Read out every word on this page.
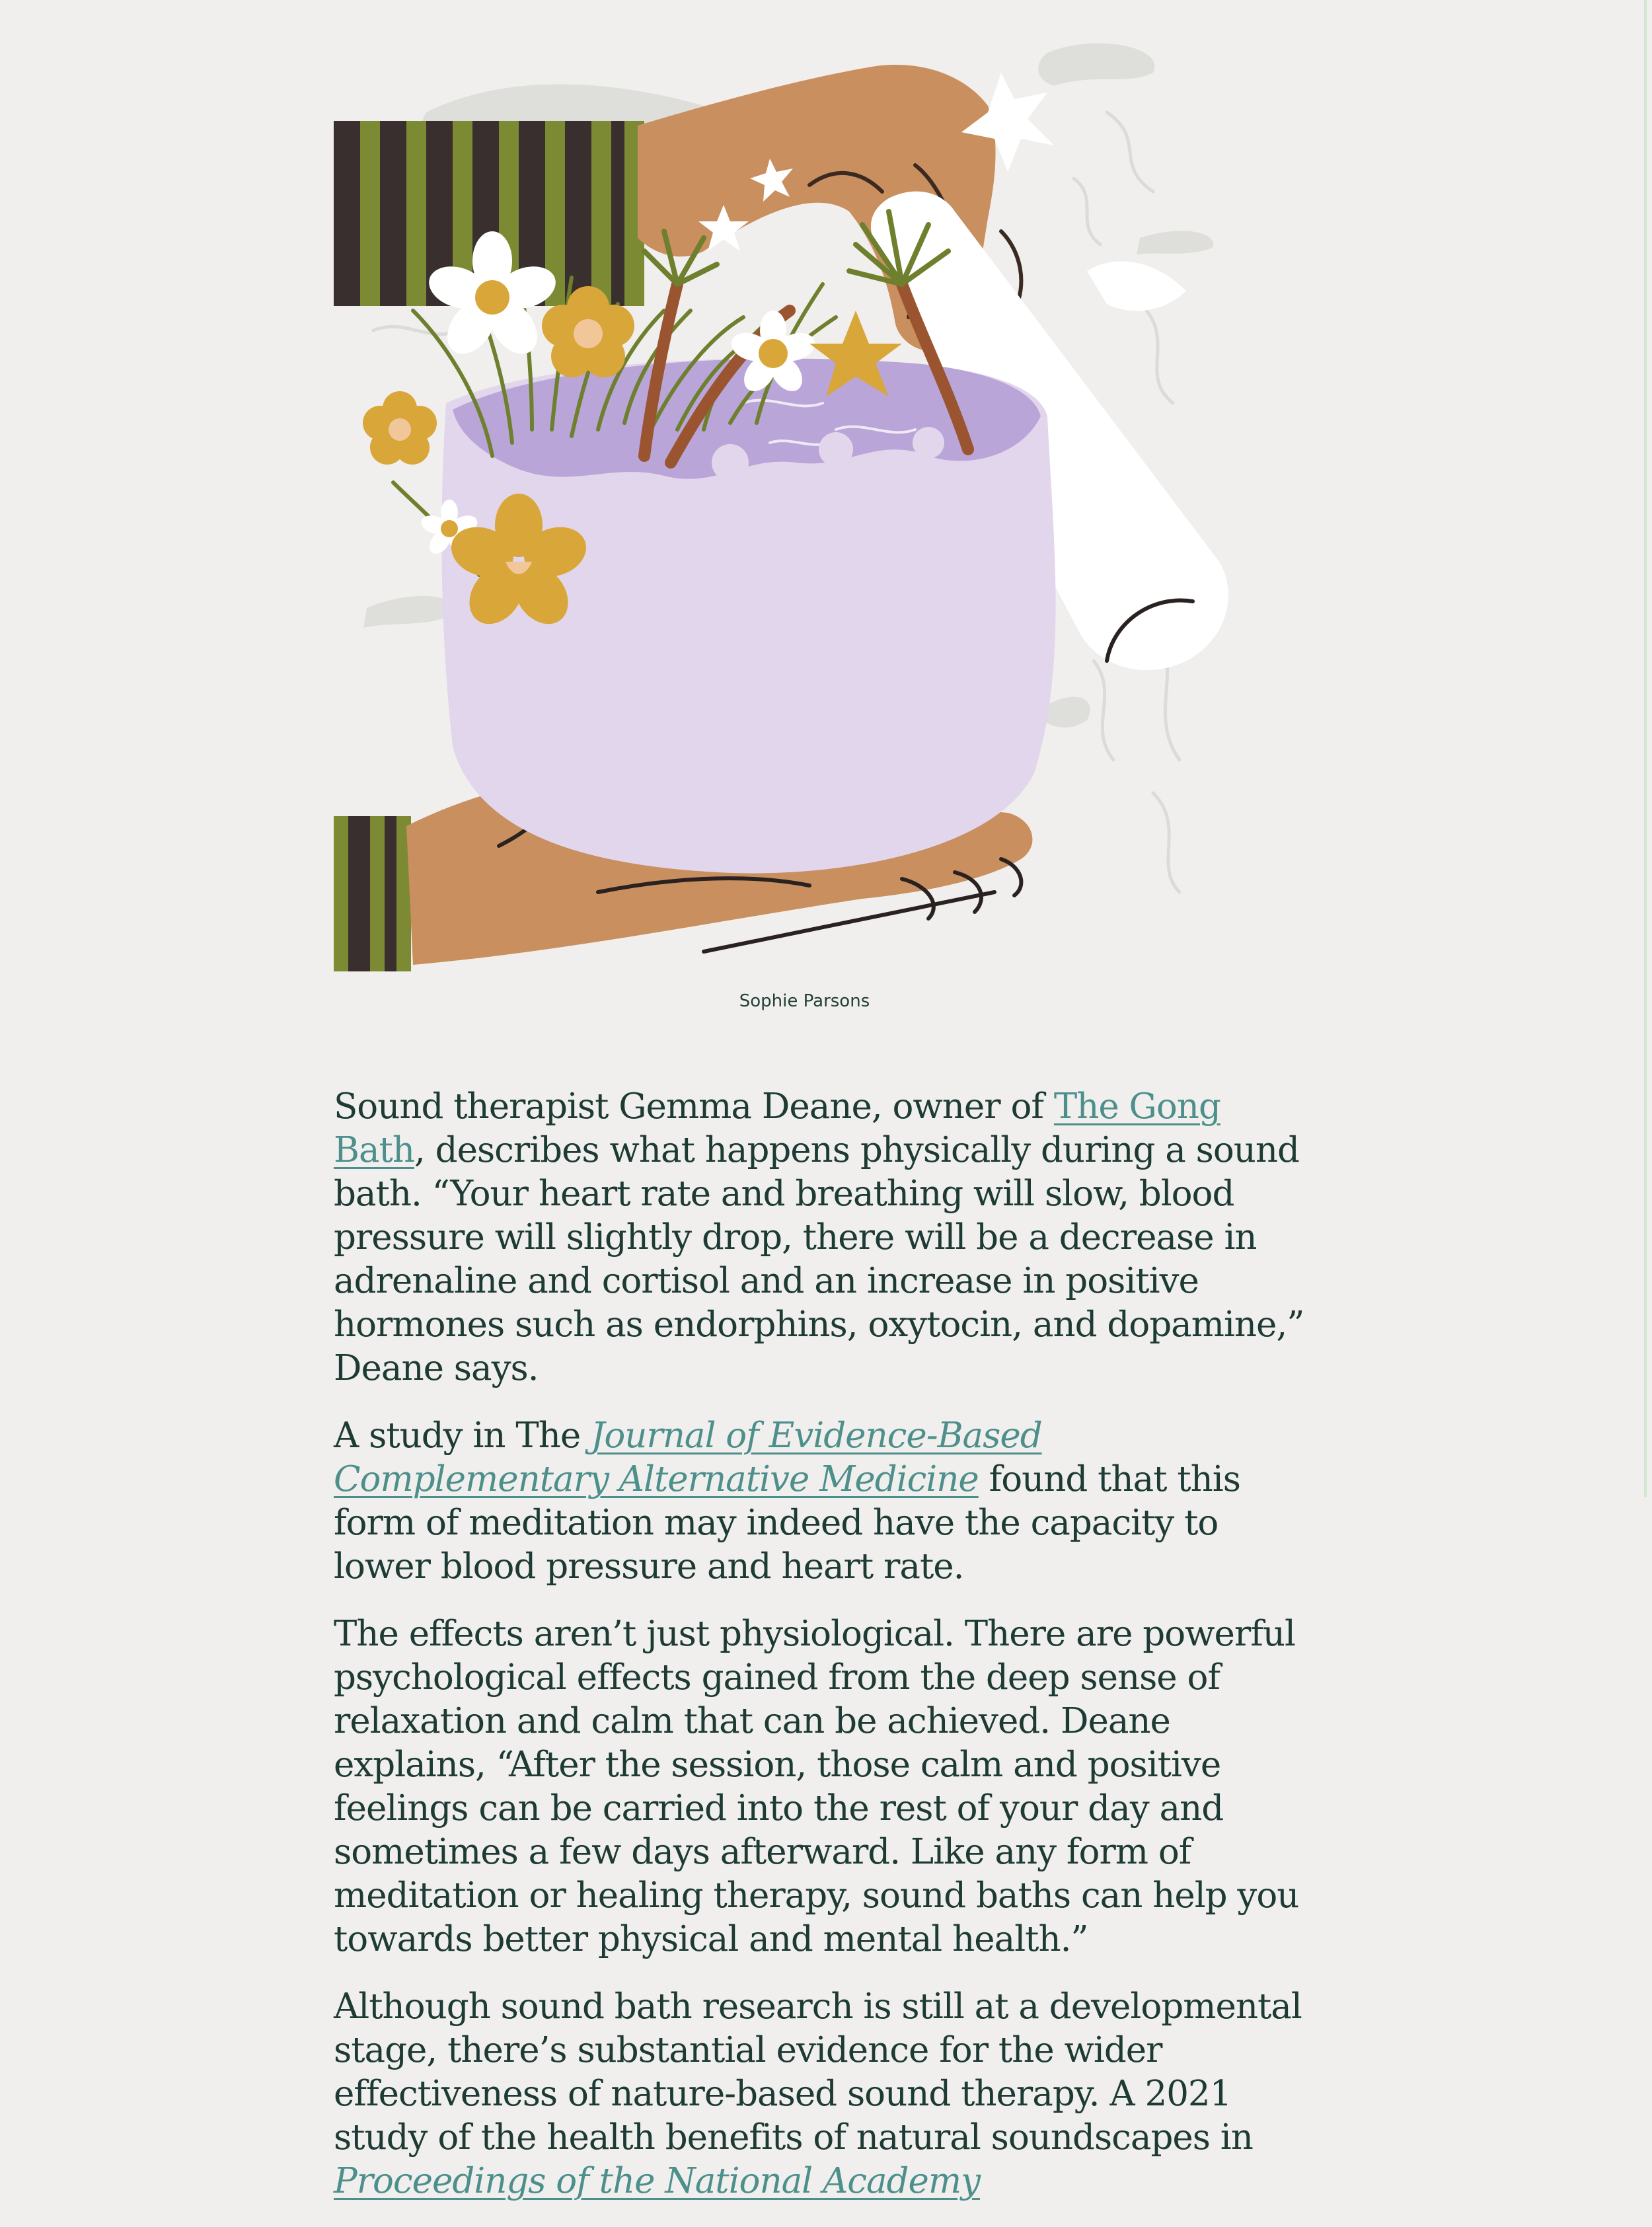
Sophie Parsons

Sound therapist Gemma Deane, owner of The Gong Bath, describes what happens physically during a sound bath. “Your heart rate and breathing will slow, blood pressure will slightly drop, there will be a decrease in adrenaline and cortisol and an increase in positive hormones such as endorphins, oxytocin, and dopamine,” Deane says.

A study in The Journal of Evidence-Based Complementary Alternative Medicine found that this form of meditation may indeed have the capacity to lower blood pressure and heart rate.

The effects aren’t just physiological. There are powerful psychological effects gained from the deep sense of relaxation and calm that can be achieved. Deane explains, “After the session, those calm and positive feelings can be carried into the rest of your day and sometimes a few days afterward. Like any form of meditation or healing therapy, sound baths can help you towards better physical and mental health.”

Although sound bath research is still at a developmental stage, there’s substantial evidence for the wider effectiveness of nature-based sound therapy. A 2021 study of the health benefits of natural soundscapes in Proceedings of the National Academy
